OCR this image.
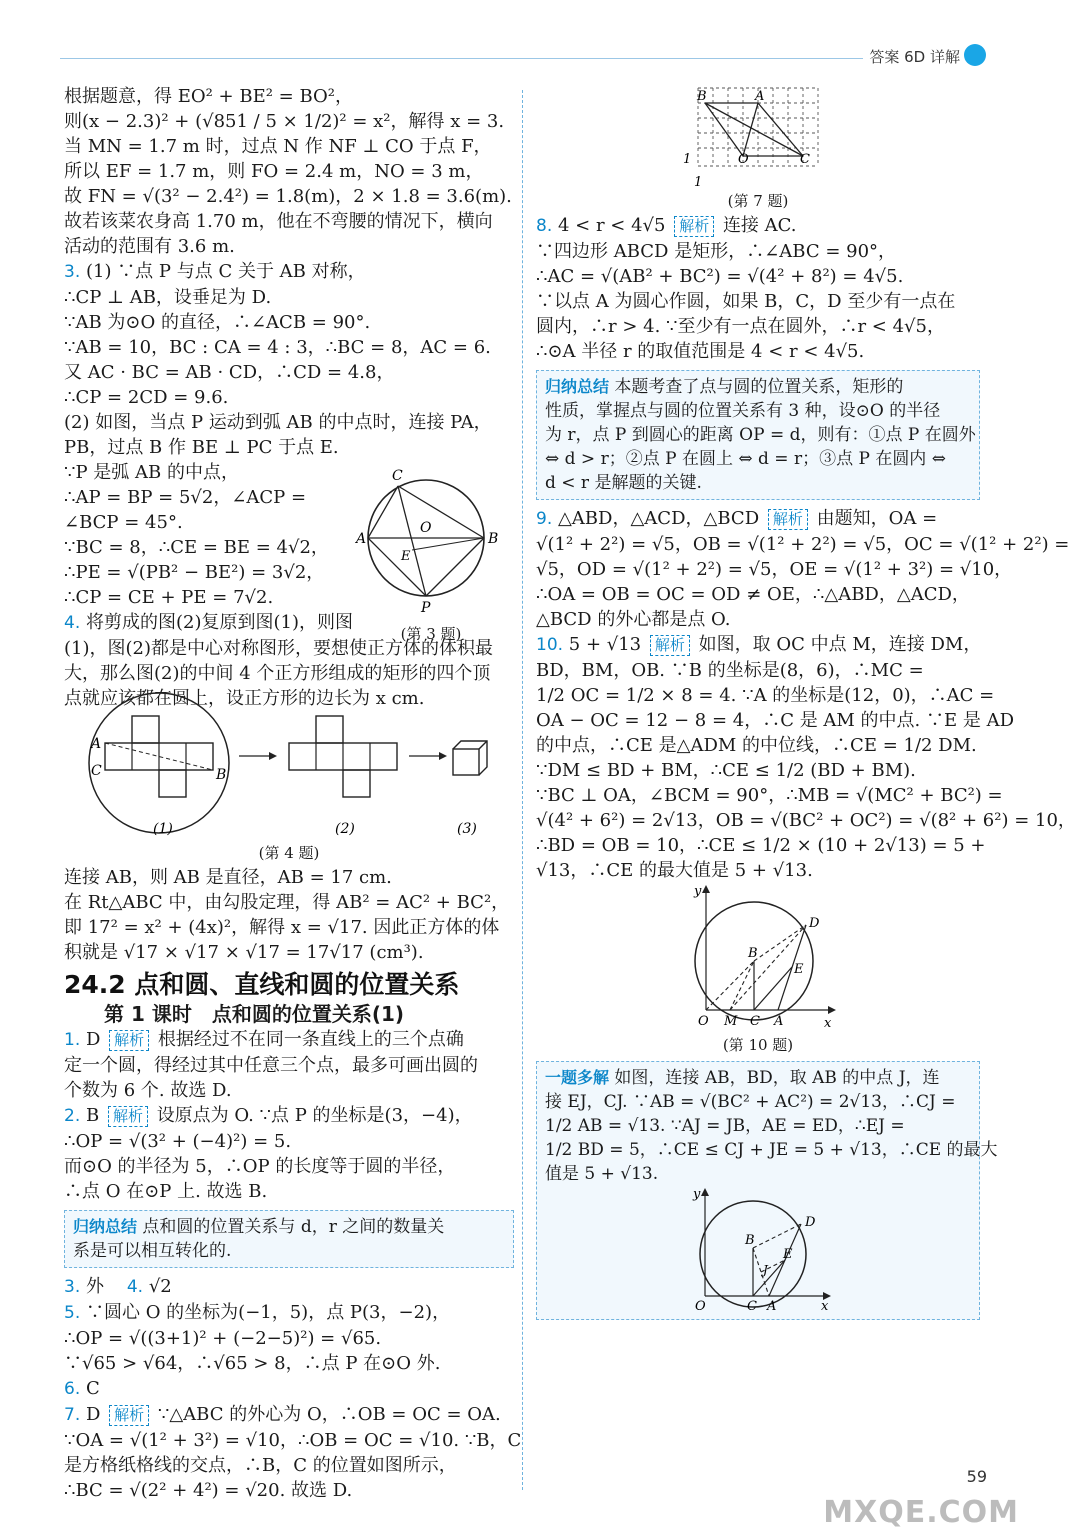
答案 6D 详解
根据题意，得 EO² + BE² = BO²，
则(x − 2.3)² + (√851 / 5 × 1/2)² = x²，解得 x = 3.
当 MN = 1.7 m 时，过点 N 作 NF ⊥ CO 于点 F，
所以 EF = 1.7 m，则 FO = 2.4 m，NO = 3 m，
故 FN = √(3² − 2.4²) = 1.8(m)，2 × 1.8 = 3.6(m).
故若该菜农身高 1.70 m，他在不弯腰的情况下，横向
活动的范围有 3.6 m.
3. (1) ∵点 P 与点 C 关于 AB 对称，
∴CP ⊥ AB，设垂足为 D.
∵AB 为⊙O 的直径，∴∠ACB = 90°.
∵AB = 10，BC : CA = 4 : 3，∴BC = 8，AC = 6.
又 AC · BC = AB · CD，∴CD = 4.8，
∴CP = 2CD = 9.6.
(2) 如图，当点 P 运动到弧 AB 的中点时，连接 PA，
PB，过点 B 作 BE ⊥ PC 于点 E.
C
A	B
O
E
P
(第 3 题)
∵P 是弧 AB 的中点，
∴AP = BP = 5√2，∠ACP =
∠BCP = 45°.
∵BC = 8，∴CE = BE = 4√2，
∴PE = √(PB² − BE²) = 3√2，
∴CP = CE + PE = 7√2.
4. 将剪成的图(2)复原到图(1)，则图
(1)，图(2)都是中心对称图形，要想使正方体的体积最
大，那么图(2)的中间 4 个正方形组成的矩形的四个顶
点就应该都在圆上，设正方形的边长为 x cm.
A
C	B
(1)	(2)	(3)
(第 4 题)
连接 AB，则 AB 是直径，AB = 17 cm.
在 Rt△ABC 中，由勾股定理，得 AB² = AC² + BC²，
即 17² = x² + (4x)²，解得 x = √17. 因此正方体的体
积就是 √17 × √17 × √17 = 17√17 (cm³).
24.2 点和圆、直线和圆的位置关系
第 1 课时　点和圆的位置关系(1)
1. D 解析 根据经过不在同一条直线上的三个点确
定一个圆，得经过其中任意三个点，最多可画出圆的
个数为 6 个. 故选 D.
2. B 解析 设原点为 O. ∵点 P 的坐标是(3，−4)，
∴OP = √(3² + (−4)²) = 5.
而⊙O 的半径为 5，∴OP 的长度等于圆的半径，
∴点 O 在⊙P 上. 故选 B.
归纳总结 点和圆的位置关系与 d，r 之间的数量关
系是可以相互转化的.
3. 外 4. √2
5. ∵圆心 O 的坐标为(−1，5)，点 P(3，−2)，
∴OP = √((3+1)² + (−2−5)²) = √65.
∵√65 > √64，∴√65 > 8，∴点 P 在⊙O 外.
6. C
7. D 解析 ∵△ABC 的外心为 O，∴OB = OC = OA.
∵OA = √(1² + 3²) = √10，∴OB = OC = √10. ∵B，C
是方格纸格线的交点，∴B，C 的位置如图所示，
∴BC = √(2² + 4²) = √20. 故选 D.
B	A
O	C
1
1
(第 7 题)
8. 4 < r < 4√5 解析 连接 AC.
∵四边形 ABCD 是矩形，∴∠ABC = 90°，
∴AC = √(AB² + BC²) = √(4² + 8²) = 4√5.
∵以点 A 为圆心作圆，如果 B，C，D 至少有一点在
圆内，∴r > 4. ∵至少有一点在圆外，∴r < 4√5，
∴⊙A 半径 r 的取值范围是 4 < r < 4√5.
归纳总结 本题考查了点与圆的位置关系，矩形的
性质，掌握点与圆的位置关系有 3 种，设⊙O 的半径
为 r，点 P 到圆心的距离 OP = d，则有：①点 P 在圆外
⇔ d > r；②点 P 在圆上 ⇔ d = r；③点 P 在圆内 ⇔
d < r 是解题的关键.
9. △ABD，△ACD，△BCD 解析 由题知，OA =
√(1² + 2²) = √5，OB = √(1² + 2²) = √5，OC = √(1² + 2²) =
√5，OD = √(1² + 2²) = √5，OE = √(1² + 3²) = √10，
∴OA = OB = OC = OD ≠ OE，∴△ABD，△ACD，
△BCD 的外心都是点 O.
10. 5 + √13 解析 如图，取 OC 中点 M，连接 DM，
BD，BM，OB. ∵B 的坐标是(8，6)，∴MC =
1/2 OC = 1/2 × 8 = 4. ∵A 的坐标是(12，0)，∴AC =
OA − OC = 12 − 8 = 4，∴C 是 AM 的中点. ∵E 是 AD
的中点，∴CE 是△ADM 的中位线，∴CE = 1/2 DM.
∵DM ≤ BD + BM，∴CE ≤ 1/2 (BD + BM).
∵BC ⊥ OA，∠BCM = 90°，∴MB = √(MC² + BC²) =
√(4² + 6²) = 2√13，OB = √(BC² + OC²) = √(8² + 6²) = 10，
∴BD = OB = 10，∴CE ≤ 1/2 × (10 + 2√13) = 5 +
√13，∴CE 的最大值是 5 + √13.
O M C A
B
D
E
x
y
(第 10 题)
一题多解 如图，连接 AB，BD，取 AB 的中点 J，连
接 EJ，CJ. ∵AB = √(BC² + AC²) = 2√13，∴CJ =
1/2 AB = √13. ∵AJ = JB，AE = ED，∴EJ =
1/2 BD = 5，∴CE ≤ CJ + JE = 5 + √13，∴CE 的最大
值是 5 + √13.
O	C A
B
D
E
J
x
y
59
MXQE.COM
